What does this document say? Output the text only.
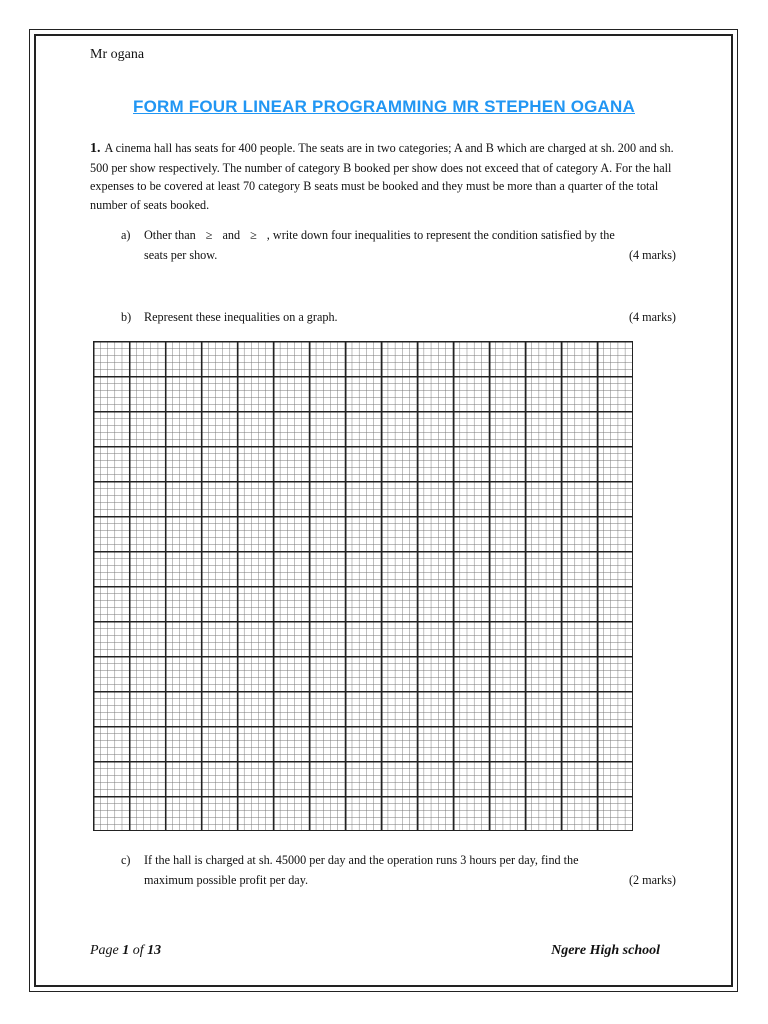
Mr ogana
FORM FOUR LINEAR PROGRAMMING MR STEPHEN OGANA
1. A cinema hall has seats for 400 people. The seats are in two categories; A and B which are charged at sh. 200 and sh. 500 per show respectively. The number of category B booked per show does not exceed that of category A. For the hall expenses to be covered at least 70 category B seats must be booked and they must be more than a quarter of the total number of seats booked.
a) Other than ≥ and ≥ , write down four inequalities to represent the condition satisfied by the
seats per show.	(4 marks)
b) Represent these inequalities on a graph.	(4 marks)
c) If the hall is charged at sh. 45000 per day and the operation runs 3 hours per day, find the
maximum possible profit per day.	(2 marks)
Page 1 of 13	Ngere High school
